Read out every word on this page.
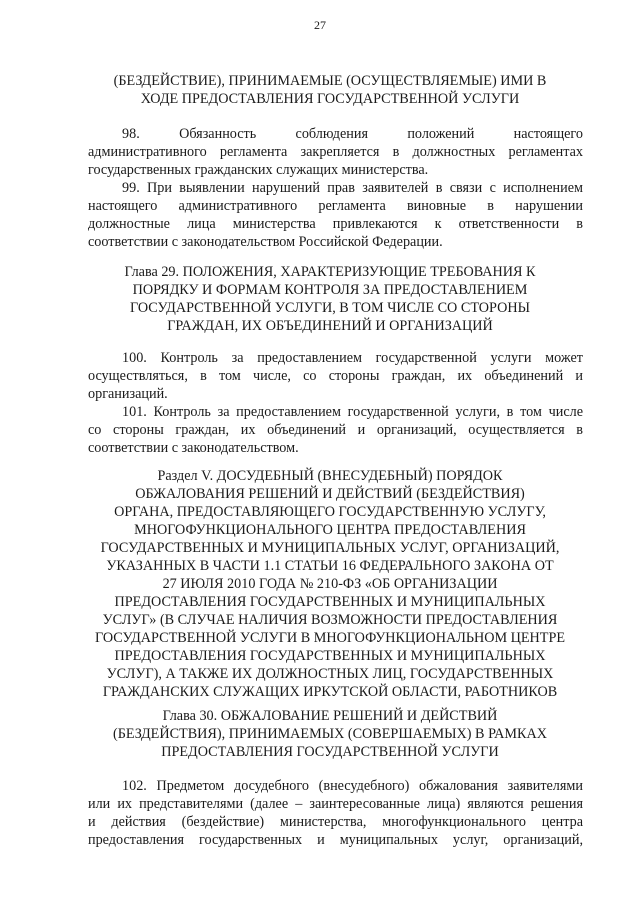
27
(БЕЗДЕЙСТВИЕ), ПРИНИМАЕМЫЕ (ОСУЩЕСТВЛЯЕМЫЕ) ИМИ В
ХОДЕ ПРЕДОСТАВЛЕНИЯ ГОСУДАРСТВЕННОЙ УСЛУГИ
98. Обязанность соблюдения положений настоящего
административного регламента закрепляется в должностных регламентах
государственных гражданских служащих министерства.
99. При выявлении нарушений прав заявителей в связи с исполнением
настоящего административного регламента виновные в нарушении
должностные лица министерства привлекаются к ответственности в
соответствии с законодательством Российской Федерации.
Глава 29. ПОЛОЖЕНИЯ, ХАРАКТЕРИЗУЮЩИЕ ТРЕБОВАНИЯ К
ПОРЯДКУ И ФОРМАМ КОНТРОЛЯ ЗА ПРЕДОСТАВЛЕНИЕМ
ГОСУДАРСТВЕННОЙ УСЛУГИ, В ТОМ ЧИСЛЕ СО СТОРОНЫ
ГРАЖДАН, ИХ ОБЪЕДИНЕНИЙ И ОРГАНИЗАЦИЙ
100. Контроль за предоставлением государственной услуги может
осуществляться, в том числе, со стороны граждан, их объединений и
организаций.
101. Контроль за предоставлением государственной услуги, в том числе
со стороны граждан, их объединений и организаций, осуществляется в
соответствии с законодательством.
Раздел V. ДОСУДЕБНЫЙ (ВНЕСУДЕБНЫЙ) ПОРЯДОК
ОБЖАЛОВАНИЯ РЕШЕНИЙ И ДЕЙСТВИЙ (БЕЗДЕЙСТВИЯ)
ОРГАНА, ПРЕДОСТАВЛЯЮЩЕГО ГОСУДАРСТВЕННУЮ УСЛУГУ,
МНОГОФУНКЦИОНАЛЬНОГО ЦЕНТРА ПРЕДОСТАВЛЕНИЯ
ГОСУДАРСТВЕННЫХ И МУНИЦИПАЛЬНЫХ УСЛУГ, ОРГАНИЗАЦИЙ,
УКАЗАННЫХ В ЧАСТИ 1.1 СТАТЬИ 16 ФЕДЕРАЛЬНОГО ЗАКОНА ОТ
27 ИЮЛЯ 2010 ГОДА № 210-ФЗ «ОБ ОРГАНИЗАЦИИ
ПРЕДОСТАВЛЕНИЯ ГОСУДАРСТВЕННЫХ И МУНИЦИПАЛЬНЫХ
УСЛУГ» (В СЛУЧАЕ НАЛИЧИЯ ВОЗМОЖНОСТИ ПРЕДОСТАВЛЕНИЯ
ГОСУДАРСТВЕННОЙ УСЛУГИ В МНОГОФУНКЦИОНАЛЬНОМ ЦЕНТРЕ
ПРЕДОСТАВЛЕНИЯ ГОСУДАРСТВЕННЫХ И МУНИЦИПАЛЬНЫХ
УСЛУГ), А ТАКЖЕ ИХ ДОЛЖНОСТНЫХ ЛИЦ, ГОСУДАРСТВЕННЫХ
ГРАЖДАНСКИХ СЛУЖАЩИХ ИРКУТСКОЙ ОБЛАСТИ, РАБОТНИКОВ
Глава 30. ОБЖАЛОВАНИЕ РЕШЕНИЙ И ДЕЙСТВИЙ
(БЕЗДЕЙСТВИЯ), ПРИНИМАЕМЫХ (СОВЕРШАЕМЫХ) В РАМКАХ
ПРЕДОСТАВЛЕНИЯ ГОСУДАРСТВЕННОЙ УСЛУГИ
102. Предметом досудебного (внесудебного) обжалования заявителями
или их представителями (далее – заинтересованные лица) являются решения
и действия (бездействие) министерства, многофункционального центра
предоставления государственных и муниципальных услуг, организаций,
